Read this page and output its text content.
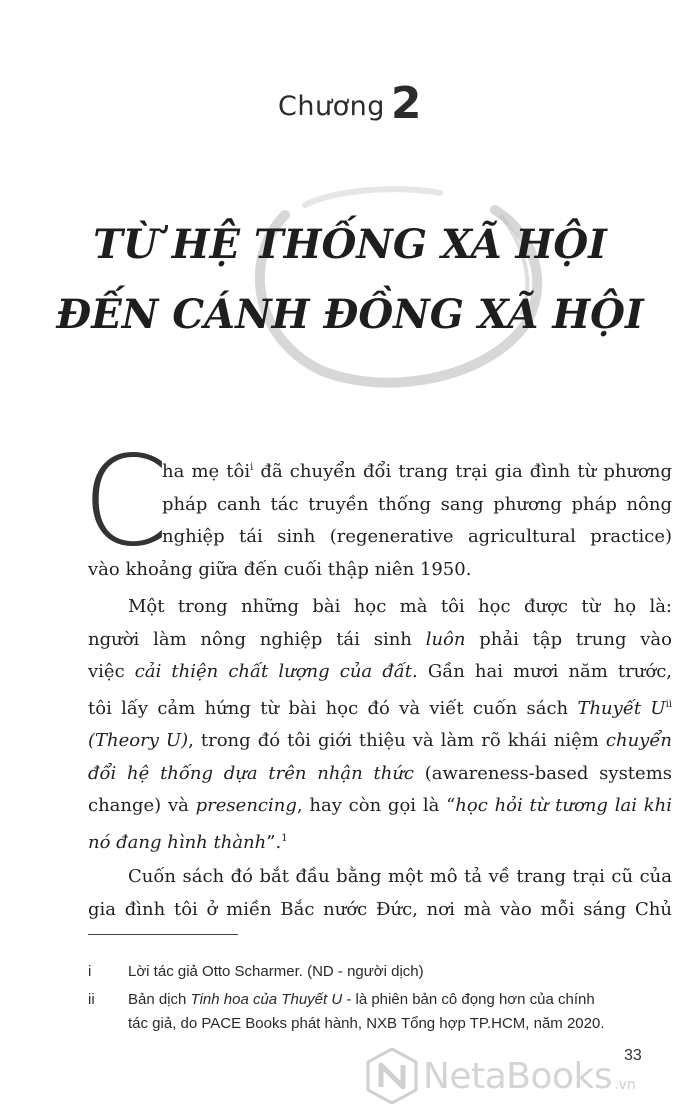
Chương 2
TỪ HỆ THỐNG XÃ HỘI
ĐẾN CÁNH ĐỒNG XÃ HỘI
C
ha mẹ tôi$^i$ đã chuyển đổi trang trại gia đình từ phương
pháp canh tác truyền thống sang phương pháp nông
nghiệp tái sinh (regenerative agricultural practice)
vào khoảng giữa đến cuối thập niên 1950.
Một trong những bài học mà tôi học được từ họ là:
người làm nông nghiệp tái sinh luôn phải tập trung vào
việc cải thiện chất lượng của đất. Gần hai mươi năm trước,
tôi lấy cảm hứng từ bài học đó và viết cuốn sách Thuyết $U^{ii}$
(Theory U), trong đó tôi giới thiệu và làm rõ khái niệm chuyển
đổi hệ thống dựa trên nhận thức (awareness-based systems
change) và presencing, hay còn gọi là “học hỏi từ tương lai khi
nó đang hình thành”.$^1$
Cuốn sách đó bắt đầu bằng một mô tả về trang trại cũ của
gia đình tôi ở miền Bắc nước Đức, nơi mà vào mỗi sáng Chủ
i	Lời tác giả Otto Scharmer. (ND - người dịch)
ii	Bản dịch Tinh hoa của Thuyết U - là phiên bản cô đọng hơn của chính
tác giả, do PACE Books phát hành, NXB Tổng hợp TP.HCM, năm 2020.
NetaBooks .vn
33
